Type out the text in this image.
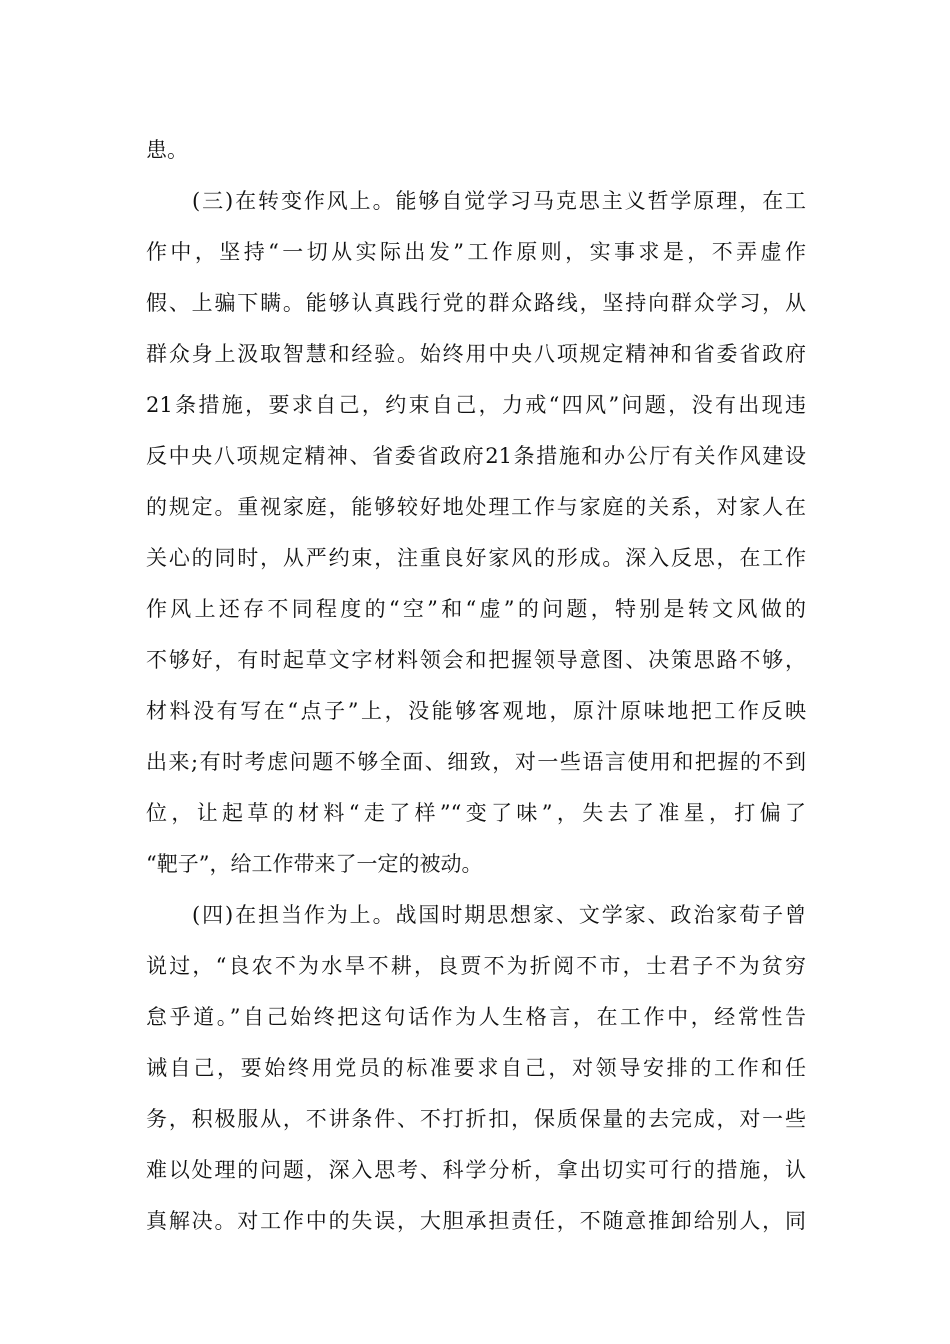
患。
(三)在转变作风上。能够自觉学习马克思主义哲学原理，在工
作中，坚持“一切从实际出发”工作原则，实事求是，不弄虚作
假、上骗下瞒。能够认真践行党的群众路线，坚持向群众学习，从
群众身上汲取智慧和经验。始终用中央八项规定精神和省委省政府
21条措施，要求自己，约束自己，力戒“四风”问题，没有出现违
反中央八项规定精神、省委省政府21条措施和办公厅有关作风建设
的规定。重视家庭，能够较好地处理工作与家庭的关系，对家人在
关心的同时，从严约束，注重良好家风的形成。深入反思，在工作
作风上还存不同程度的“空”和“虚”的问题，特别是转文风做的
不够好，有时起草文字材料领会和把握领导意图、决策思路不够，
材料没有写在“点子”上，没能够客观地，原汁原味地把工作反映
出来;有时考虑问题不够全面、细致，对一些语言使用和把握的不到
位，让起草的材料“走了样”“变了味”，失去了准星，打偏了
“靶子”，给工作带来了一定的被动。
(四)在担当作为上。战国时期思想家、文学家、政治家荀子曾
说过，“良农不为水旱不耕，良贾不为折阅不市，士君子不为贫穷
怠乎道。”自己始终把这句话作为人生格言，在工作中，经常性告
诫自己，要始终用党员的标准要求自己，对领导安排的工作和任
务，积极服从，不讲条件、不打折扣，保质保量的去完成，对一些
难以处理的问题，深入思考、科学分析，拿出切实可行的措施，认
真解决。对工作中的失误，大胆承担责任，不随意推卸给别人，同
